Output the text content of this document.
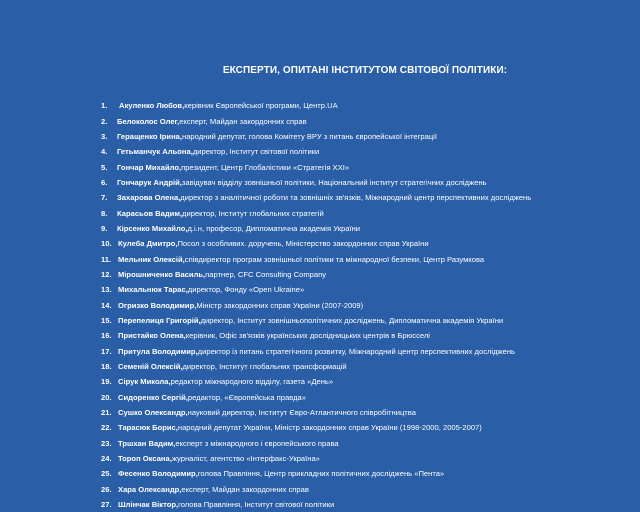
ЕКСПЕРТИ, ОПИТАНІ ІНСТИТУТОМ СВІТОВОЇ ПОЛІТИКИ:
1.	Акуленко Любов, керівник Європейської програми, Центр.UA
2.	Белоколос Олег, експерт, Майдан закордонних справ
3.	Геращенко Ірина, народний депутат, голова Комітету ВРУ з питань європейської інтеграції
4.	Гетьманчук Альона, директор, Інститут світової політики
5.	Гончар Михайло, президент, Центр Глобалістики «Стратегія XXI»
6.	Гончарук Андрій, завідувач відділу зовнішньої політики, Національний інститут стратегічних досліджень
7.	Захарова Олена, директор з аналітичної роботи та зовнішніх зв'язків, Міжнародний центр перспективних досліджень
8.	Карасьов Вадим, директор, Інститут глобальних стратегій
9.	Кірсенко Михайло, д.і.н, професор, Дипломатична академія України
10. Кулеба Дмитро, Посол з особливих. доручень, Міністерство закордонних справ України
11. Мельник Олексій, співдиректор програм зовнішньої політики та міжнародної безпеки, Центр Разумкова
12. Мірошниченко Василь, партнер, CFC Consulting Company
13. Михальнюк Тарас, директор, Фонду «Open Ukraine»
14. Огризко Володимир, Міністр закордонних справ України (2007-2009)
15. Перепелиця Григорій, директор, Інститут зовнішньополітичних досліджень, Дипломатична академія України
16. Пристайко Олена, керівник, Офіс зв'язків українських дослідницьких центрів в Брюсселі
17. Притула Володимир, директор із питань стратегічного розвитку, Міжнародний центр перспективних досліджень
18. Семеній Олексій, директор, Інститут глобальних трансформацій
19. Сірук Микола, редактор міжнародного відділу, газета «День»
20. Сидоренко Сергій, редактор, «Європейська правда»
21. Сушко Олександр, науковий директор, Інститут Євро-Атлантичного співробітництва
22. Тарасюк Борис, народний депутат України, Міністр закордонних справ України (1998-2000, 2005-2007)
23. Тршхан Вадим, експерт з міжнародного і європейського права
24. Тороп Оксана, журналіст, агентство «Інтерфакс-Україна»
25. Фесенко Володимир, голова Правління, Центр прикладних політичних досліджень «Пента»
26. Хара Олександр, експерт, Майдан закордонних справ
27. Шлінчак Віктор, голова Правління, Інститут світової політики
